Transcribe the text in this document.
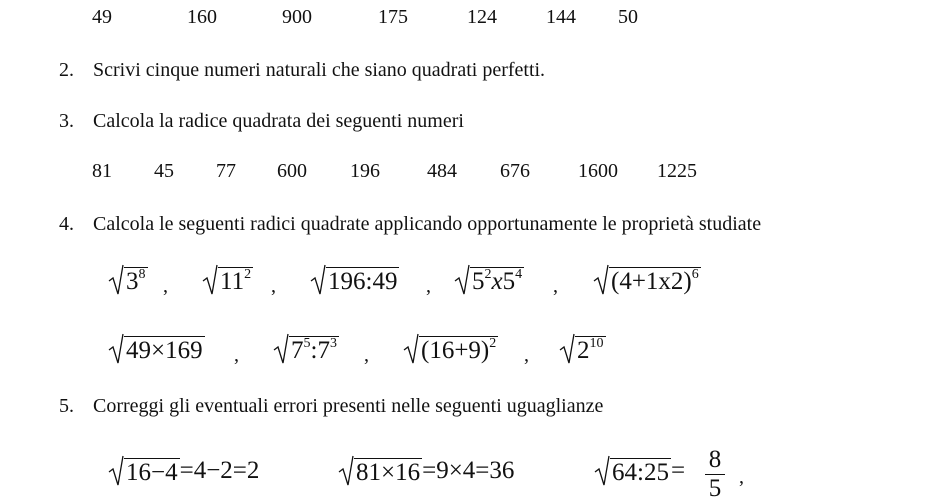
49	160	900	175	124 144 50
2. Scrivi cinque numeri naturali che siano quadrati perfetti.
3. Calcola la radice quadrata dei seguenti numeri
81 45 77 600 196 484 676 1600 1225
4. Calcola le seguenti radici quadrate applicando opportunamente le proprietà studiate
$3^8$
,	$11^2$
,	196:49 ,	$5^2x5^4$
,	$(4+1x2)^6$
49×169 ,	$7^5:7^3$
,	$(16+9)^2$
,	$2^{10}$
5. Correggi gli eventuali errori presenti nelle seguenti uguaglianze
16−4 =4−2=2	81×16 =9×4=36	64:25 = $\frac{8}{5}$ ,
